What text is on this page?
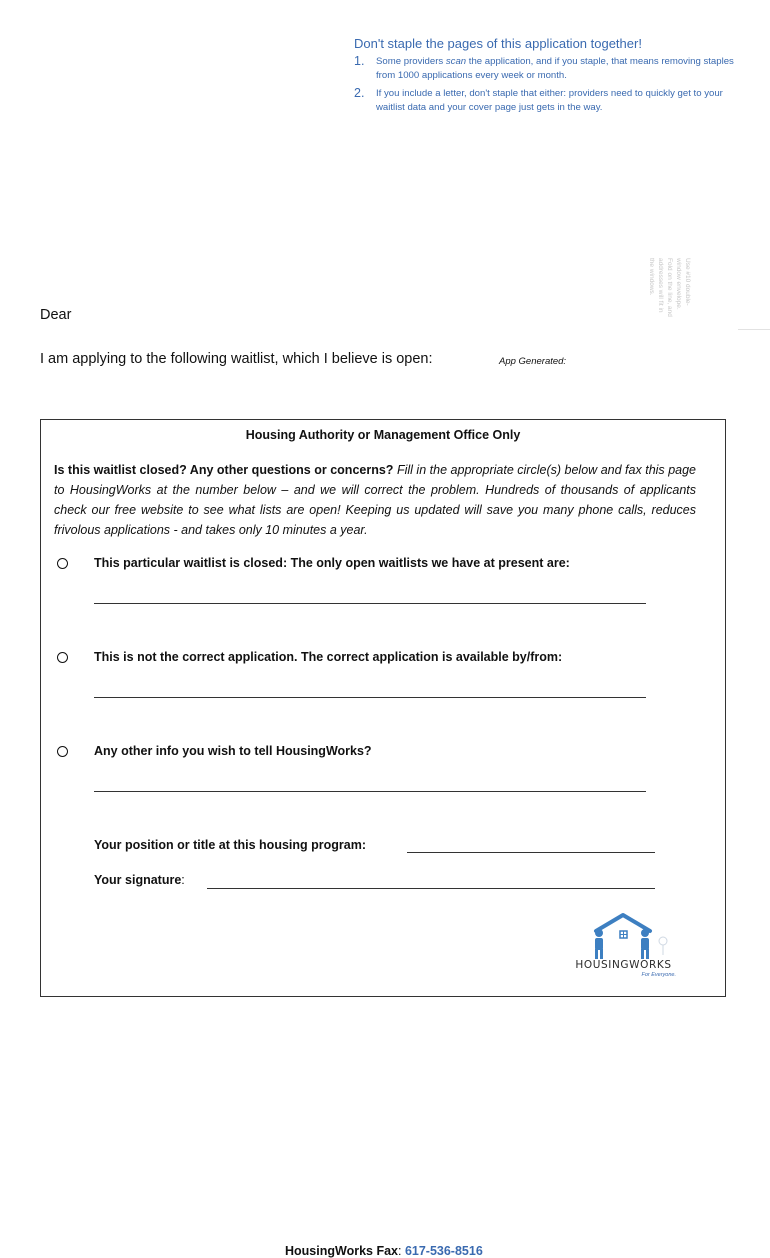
Don't staple the pages of this application together!
1. Some providers scan the application, and if you staple, that means removing staples from 1000 applications every week or month.
2. If you include a letter, don't staple that either: providers need to quickly get to your waitlist data and your cover page just gets in the way.
Use #10 double-
window envelope.
Fold on the line, and
addresses will fit in
the windows.
Dear
I am applying to the following waitlist, which I believe is open:	App Generated:
Housing Authority or Management Office Only
Is this waitlist closed? Any other questions or concerns? Fill in the appropriate circle(s) below and fax this page to HousingWorks at the number below – and we will correct the problem. Hundreds of thousands of applicants check our free website to see what lists are open! Keeping us updated will save you many phone calls, reduces frivolous applications - and takes only 10 minutes a year.
This particular waitlist is closed: The only open waitlists we have at present are:
This is not the correct application. The correct application is available by/from:
Any other info you wish to tell HousingWorks?
Your position or title at this housing program:
Your signature:
HousingWorks Fax: 617-536-8516
HOUSINGWORKS
For Everyone.
